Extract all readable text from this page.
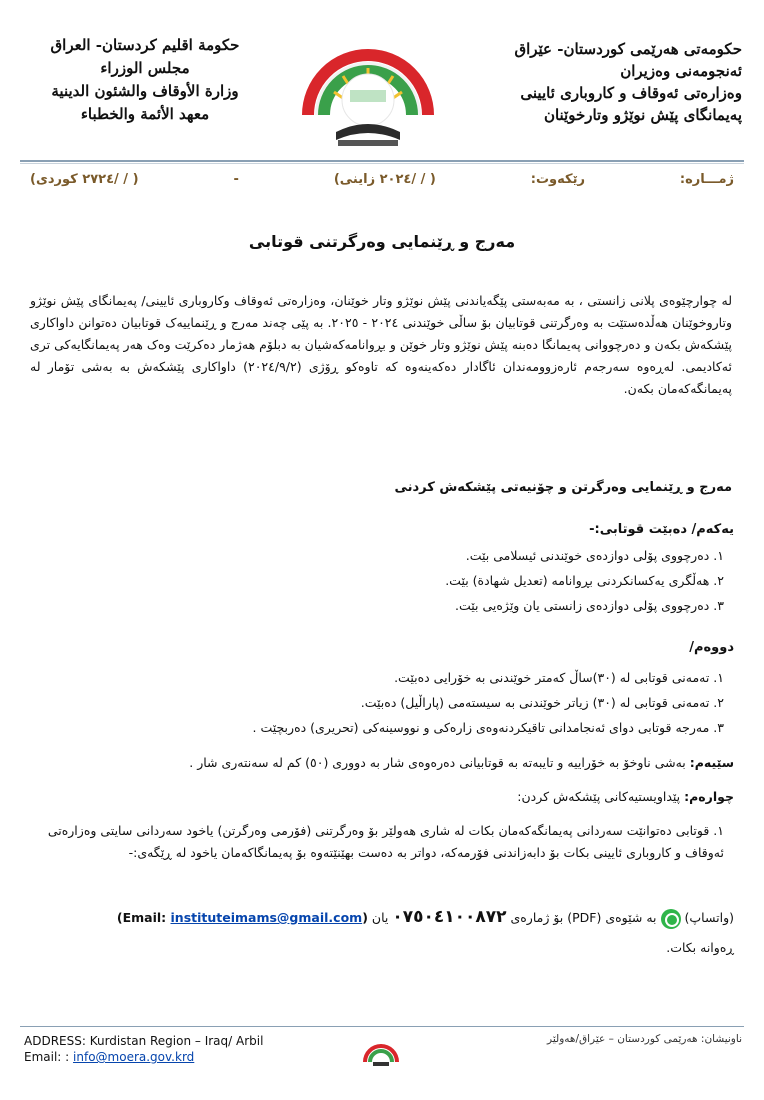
حكومة اقليم كردستان- العراق
مجلس الوزراء
وزارة الأوقاف والشئون الدينية
معهد الأئمة والخطباء
حکومەتی هەرێمی کوردستان- عێراق
ئەنجومەنی وەزیران
وەزارەتی ئەوقاف و کاروباری ئایینی
پەیمانگای پێش نوێژو وتارخوێنان
ژمـــاره:
رێکەوت:
( / /٢٠٢٤ زاینی)
-
( / /٢٧٢٤ کوردی)
مەرج و ڕێنمایی وەرگرتنی قوتابی
لە چوارچێوەی پلانی زانستی ، بە مەبەستی پێگەیاندنی پێش نوێژو وتار خوێنان، وەزارەتی ئەوقاف وکاروباری ئایینی/ پەیمانگای پێش نوێژو وتاروخوێنان هەڵدەستێت بە وەرگرتنی قوتابیان بۆ ساڵی خوێندنی ٢٠٢٤ - ٢٠٢٥. بە پێی چەند مەرج و ڕێنماییەک قوتابیان دەتوانن داواکاری پێشکەش بکەن و دەرچووانی پەیمانگا دەبنە پێش نوێژو وتار خوێن و بڕوانامەکەشیان بە دبلۆم هەژمار دەکرێت وەک هەر پەیمانگایەکی تری ئەکادیمی. لەڕەوە سەرجەم ئارەزوومەندان ئاگادار دەکەینەوە کە تاوەکو ڕۆژی (٢٠٢٤/٩/٢) داواکاری پێشکەش بە بەشی تۆمار لە پەیمانگەکەمان بکەن.
مەرج و ڕێنمایی وەرگرتن و چۆنیەتی پێشکەش کردنی
یەکەم/ دەبێت قوتابی:-
١. دەرچووی پۆلی دوازدەی خوێندنی ئیسلامی بێت.
٢. هەڵگری یەکسانکردنی بڕوانامە (تعدیل شهادة) بێت.
٣. دەرچووی پۆلی دوازدەی زانستی یان وێژەیی بێت.
دووەم/
١. تەمەنی قوتابی لە (٣٠)ساڵ کەمتر خوێندنی بە خۆرایی دەبێت.
٢. تەمەنی قوتابی لە (٣٠) زیاتر خوێندنی بە سیستەمی (پاراڵیل) دەبێت.
٣. مەرجە قوتابی دوای ئەنجامدانی تاقیکردنەوەی زارەکی و نووسینەکی (تحریری) دەربچێت .
سێیەم: بەشی ناوخۆ بە خۆراییە و تایبەتە بە قوتابیانی دەرەوەی شار بە دووری (٥٠) کم لە سەنتەری شار .
چوارەم: پێداویستیەکانی پێشکەش کردن:
١. قوتابی دەتوانێت سەردانی پەیمانگەکەمان بکات لە شاری هەولێر بۆ وەرگرتنی (فۆرمی وەرگرتن) یاخود سەردانی سایتی وەزارەتی ئەوقاف و کاروباری ئایینی بکات بۆ دابەزاندنی فۆرمەکە، دواتر بە دەست بهێنێتەوە بۆ پەیمانگاکەمان یاخود لە ڕێگەی:-
(واتساپ)  بە شێوەی (PDF) بۆ ژمارەی ٠٧٥٠٤١٠٠٨٧٢ یان (Email: instituteimams@gmail.com)
ڕەوانە بکات.
ADDRESS: Kurdistan Region – Iraq/ Arbil
Email: : info@moera.gov.krd
ناونیشان: هەرێمی کوردستان – عێراق/هەولێر
